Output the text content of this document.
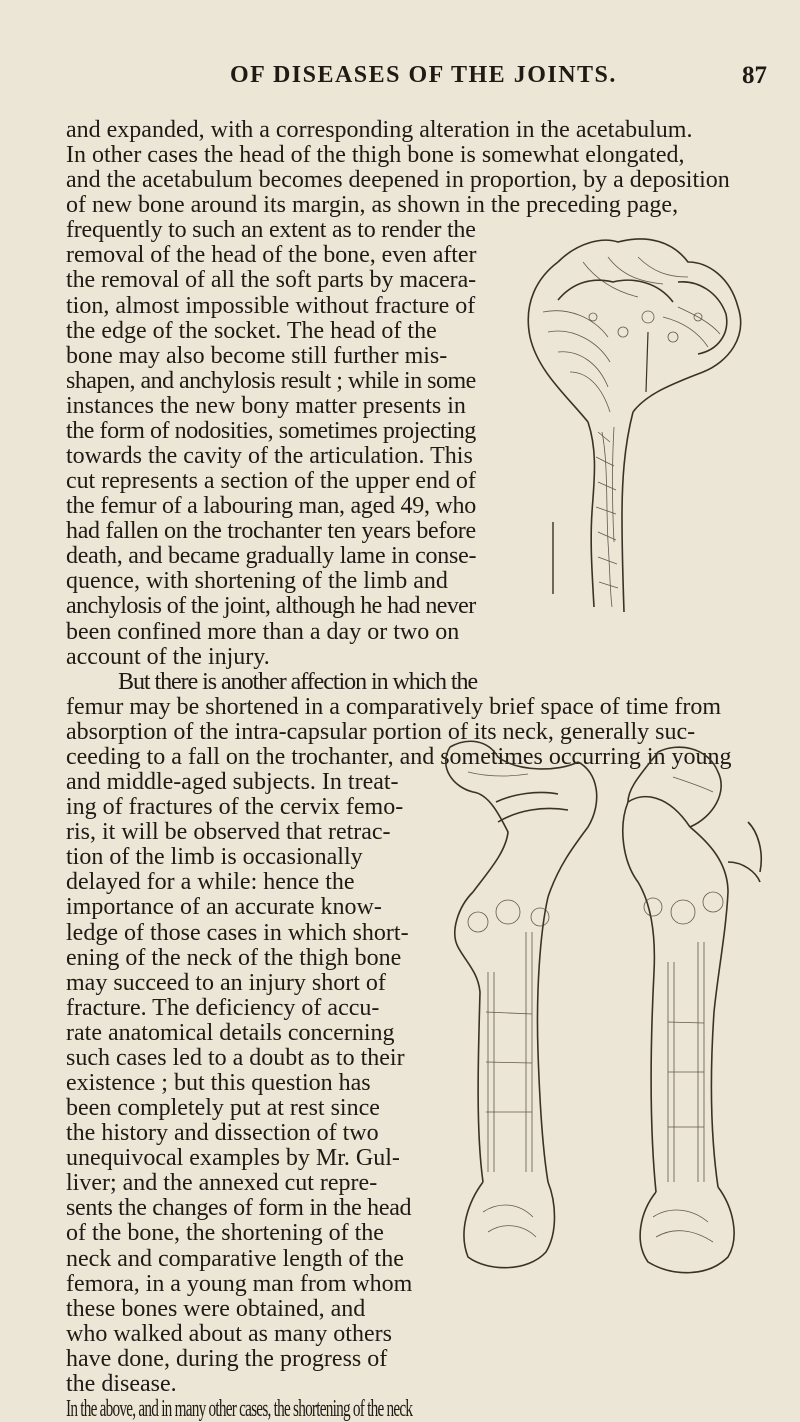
OF DISEASES OF THE JOINTS.	87
and expanded, with a corresponding alteration in the acetabulum.
In other cases the head of the thigh bone is somewhat elongated,
and the acetabulum becomes deepened in proportion, by a deposition
of new bone around its margin, as shown in the preceding page,
frequently to such an extent as to render the
removal of the head of the bone, even after
the removal of all the soft parts by macera-
tion, almost impossible without fracture of
the edge of the socket. The head of the
bone may also become still further mis-
shapen, and anchylosis result ; while in some
instances the new bony matter presents in
the form of nodosities, sometimes projecting
towards the cavity of the articulation. This
cut represents a section of the upper end of
the femur of a labouring man, aged 49, who
had fallen on the trochanter ten years before
death, and became gradually lame in conse-
quence, with shortening of the limb and
anchylosis of the joint, although he had never
been confined more than a day or two on
account of the injury.
But there is another affection in which the
femur may be shortened in a comparatively brief space of time from
absorption of the intra-capsular portion of its neck, generally suc-
ceeding to a fall on the trochanter, and sometimes occurring in young
and middle-aged subjects. In treat-
ing of fractures of the cervix femo-
ris, it will be observed that retrac-
tion of the limb is occasionally
delayed for a while: hence the
importance of an accurate know-
ledge of those cases in which short-
ening of the neck of the thigh bone
may succeed to an injury short of
fracture. The deficiency of accu-
rate anatomical details concerning
such cases led to a doubt as to their
existence ; but this question has
been completely put at rest since
the history and dissection of two
unequivocal examples by Mr. Gul-
liver; and the annexed cut repre-
sents the changes of form in the head
of the bone, the shortening of the
neck and comparative length of the
femora, in a young man from whom
these bones were obtained, and
who walked about as many others
have done, during the progress of
the disease.
In the above, and in many other cases, the shortening of the neck
